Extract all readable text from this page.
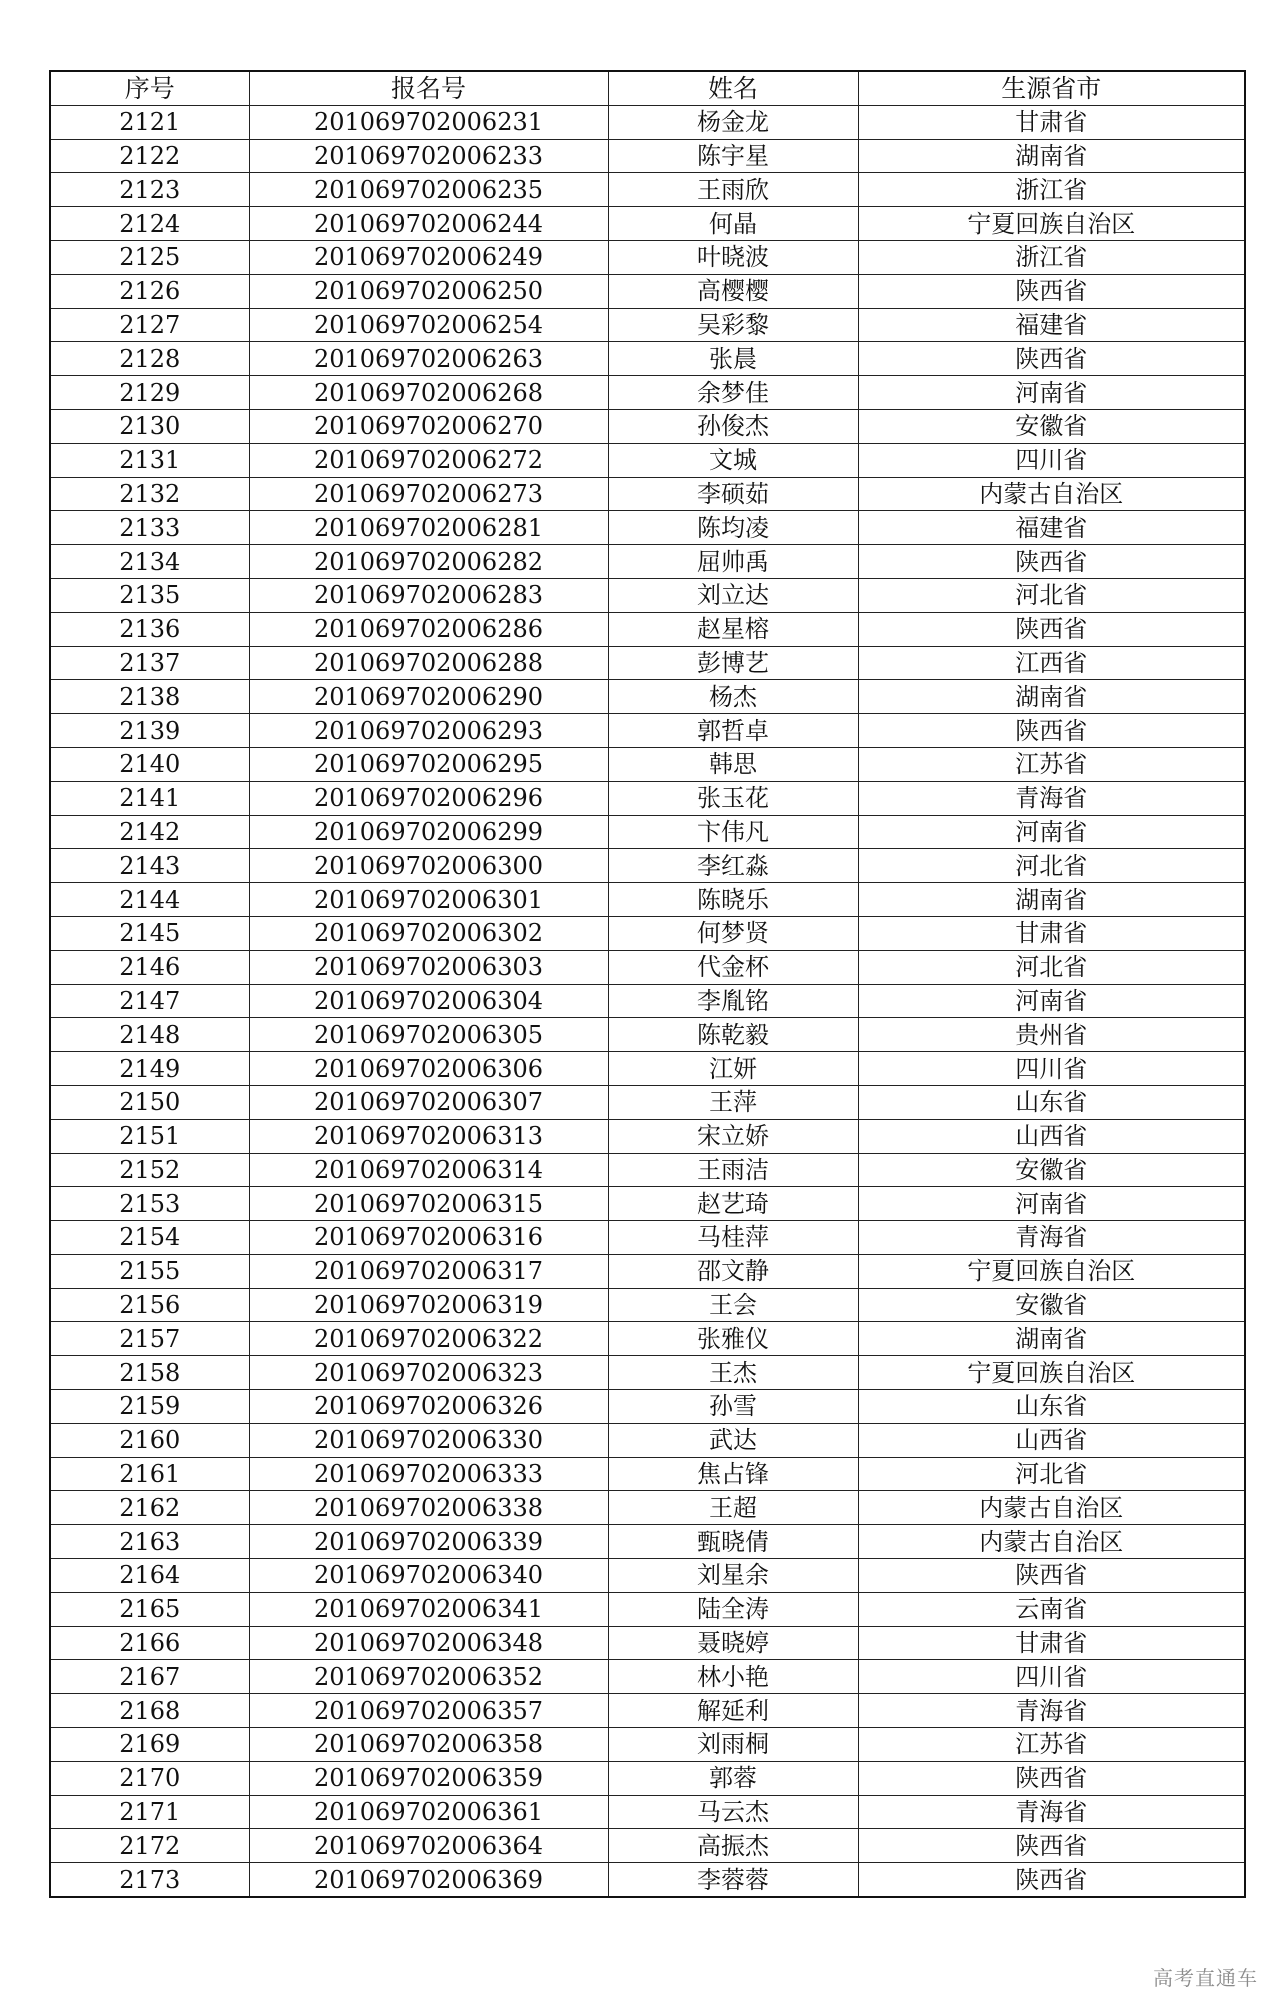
序号	报名号	姓名	生源省市
2121	201069702006231	杨金龙	甘肃省
2122	201069702006233	陈宇星	湖南省
2123	201069702006235	王雨欣	浙江省
2124	201069702006244	何晶	宁夏回族自治区
2125	201069702006249	叶晓波	浙江省
2126	201069702006250	高樱樱	陕西省
2127	201069702006254	吴彩黎	福建省
2128	201069702006263	张晨	陕西省
2129	201069702006268	余梦佳	河南省
2130	201069702006270	孙俊杰	安徽省
2131	201069702006272	文城	四川省
2132	201069702006273	李硕茹	内蒙古自治区
2133	201069702006281	陈均凌	福建省
2134	201069702006282	屈帅禹	陕西省
2135	201069702006283	刘立达	河北省
2136	201069702006286	赵星榕	陕西省
2137	201069702006288	彭博艺	江西省
2138	201069702006290	杨杰	湖南省
2139	201069702006293	郭哲卓	陕西省
2140	201069702006295	韩思	江苏省
2141	201069702006296	张玉花	青海省
2142	201069702006299	卞伟凡	河南省
2143	201069702006300	李红淼	河北省
2144	201069702006301	陈晓乐	湖南省
2145	201069702006302	何梦贤	甘肃省
2146	201069702006303	代金杯	河北省
2147	201069702006304	李胤铭	河南省
2148	201069702006305	陈乾毅	贵州省
2149	201069702006306	江妍	四川省
2150	201069702006307	王萍	山东省
2151	201069702006313	宋立娇	山西省
2152	201069702006314	王雨洁	安徽省
2153	201069702006315	赵艺琦	河南省
2154	201069702006316	马桂萍	青海省
2155	201069702006317	邵文静	宁夏回族自治区
2156	201069702006319	王会	安徽省
2157	201069702006322	张雅仪	湖南省
2158	201069702006323	王杰	宁夏回族自治区
2159	201069702006326	孙雪	山东省
2160	201069702006330	武达	山西省
2161	201069702006333	焦占锋	河北省
2162	201069702006338	王超	内蒙古自治区
2163	201069702006339	甄晓倩	内蒙古自治区
2164	201069702006340	刘星余	陕西省
2165	201069702006341	陆全涛	云南省
2166	201069702006348	聂晓婷	甘肃省
2167	201069702006352	林小艳	四川省
2168	201069702006357	解延利	青海省
2169	201069702006358	刘雨桐	江苏省
2170	201069702006359	郭蓉	陕西省
2171	201069702006361	马云杰	青海省
2172	201069702006364	高振杰	陕西省
2173	201069702006369	李蓉蓉	陕西省
高考直通车
